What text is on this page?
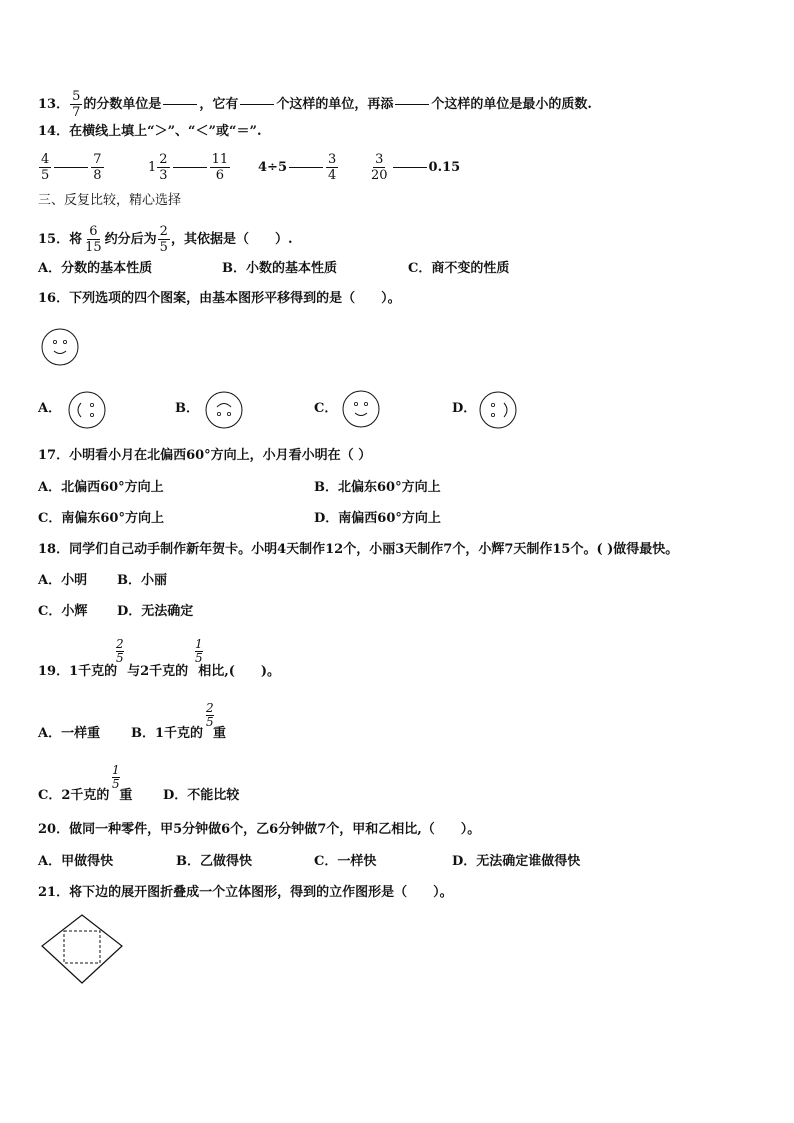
13． $\frac{5}{7}$ 的分数单位是	，它有	个这样的单位，再添	个这样的单位是最小的质数.
14．在横线上填上“＞”、“＜”或“＝”.
$\frac{4}{5}$	$\frac{7}{8}$	$1 \frac{2}{3}$	$\frac{11}{6} 4\div 5$	$\frac{3}{4} \frac{3}{20}$	0.15
三、反复比较，精心选择
15．将 $\frac{6}{15}$ 约分后为 $\frac{2}{5}$ ，其依据是（　　）.
A．分数的基本性质	B．小数的基本性质	C．商不变的性质
16．下列选项的四个图案，由基本图形平移得到的是（　　）。
A．	B．	C．	D．
17．小明看小月在北偏西60°方向上，小月看小明在（ ）
A．北偏西60°方向上	B．北偏东60°方向上
C．南偏东60°方向上	D．南偏西60°方向上
18．同学们自己动手制作新年贺卡。小明4天制作12个，小丽3天制作7个，小辉7天制作15个。( )做得最快。
A．小明 B．小丽
C．小辉 D．无法确定
19．1千克的 与2千克的 相比,(　　)。
2
5
1
5
A．一样重 B．1千克的 重
2
5
C．2千克的 重
1
5
D．不能比较
20．做同一种零件，甲5分钟做6个，乙6分钟做7个，甲和乙相比,（　　）。
A．甲做得快	B．乙做得快	C．一样快	D．无法确定谁做得快
21．将下边的展开图折叠成一个立体图形，得到的立作图形是（　　）。
